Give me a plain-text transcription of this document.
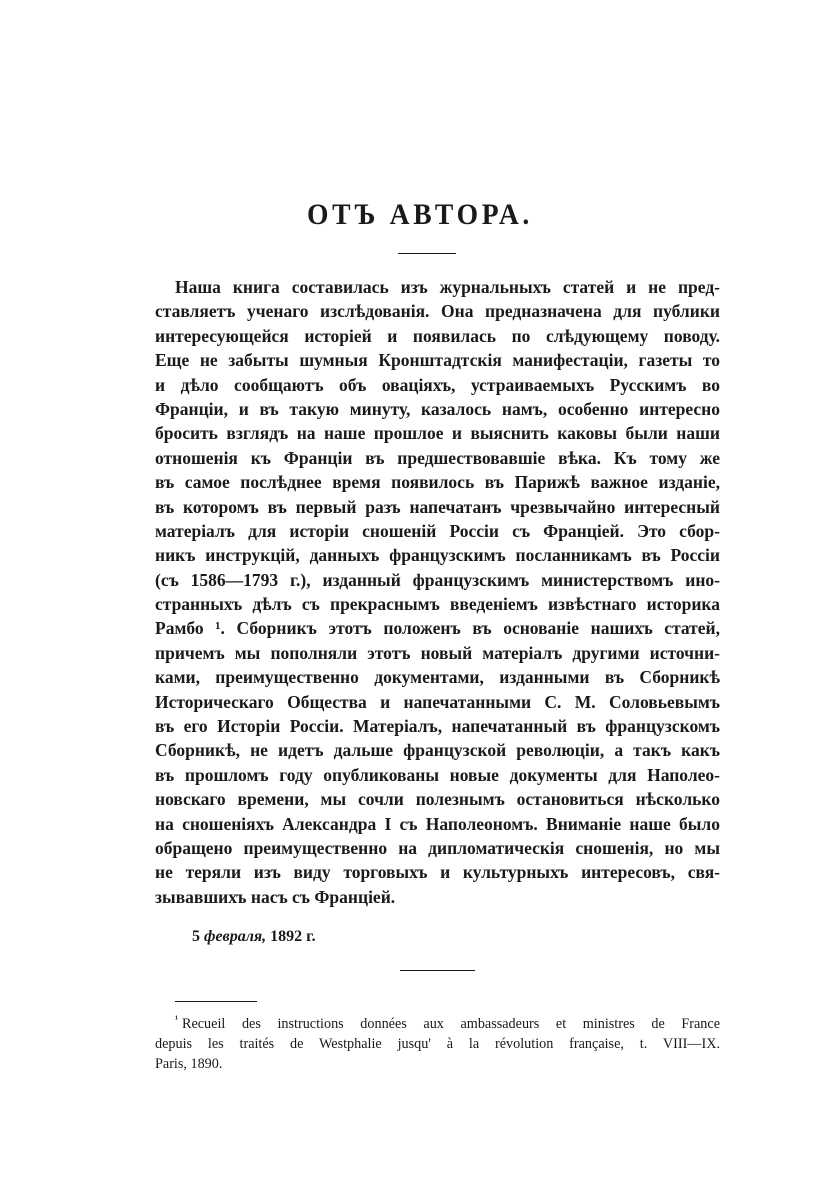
ОТЪ АВТОРА.
Наша книга составилась изъ журнальныхъ статей и не пред-
ставляетъ ученаго изслѣдованія. Она предназначена для публики
интересующейся исторіей и появилась по слѣдующему поводу.
Еще не забыты шумныя Кронштадтскія манифестаціи, газеты то
и дѣло сообщаютъ объ оваціяхъ, устраиваемыхъ Русскимъ во
Франціи, и въ такую минуту, казалось намъ, особенно интересно
бросить взглядъ на наше прошлое и выяснить каковы были наши
отношенія къ Франціи въ предшествовавшіе вѣка. Къ тому же
въ самое послѣднее время появилось въ Парижѣ важное изданіе,
въ которомъ въ первый разъ напечатанъ чрезвычайно интересный
матеріалъ для исторіи сношеній Россіи съ Франціей. Это сбор-
никъ инструкцій, данныхъ французскимъ посланникамъ въ Россіи
(съ 1586—1793 г.), изданный французскимъ министерствомъ ино-
странныхъ дѣлъ съ прекраснымъ введеніемъ извѣстнаго историка
Рамбо ¹. Сборникъ этотъ положенъ въ основаніе нашихъ статей,
причемъ мы пополняли этотъ новый матеріалъ другими источни-
ками, преимущественно документами, изданными въ Сборникѣ
Историческаго Общества и напечатанными С. М. Соловьевымъ
въ его Исторіи Россіи. Матеріалъ, напечатанный въ французскомъ
Сборникѣ, не идетъ дальше французской революціи, а такъ какъ
въ прошломъ году опубликованы новые документы для Наполео-
новскаго времени, мы сочли полезнымъ остановиться нѣсколько
на сношеніяхъ Александра I съ Наполеономъ. Вниманіе наше было
обращено преимущественно на дипломатическія сношенія, но мы
не теряли изъ виду торговыхъ и культурныхъ интересовъ, свя-
зывавшихъ насъ съ Франціей.
5 февраля, 1892 г.
$^{^1}$ Recueil des instructions données aux ambassadeurs et ministres de France
depuis les traités de Westphalie jusqu' à la révolution française, t. VIII—IX.
Paris, 1890.
